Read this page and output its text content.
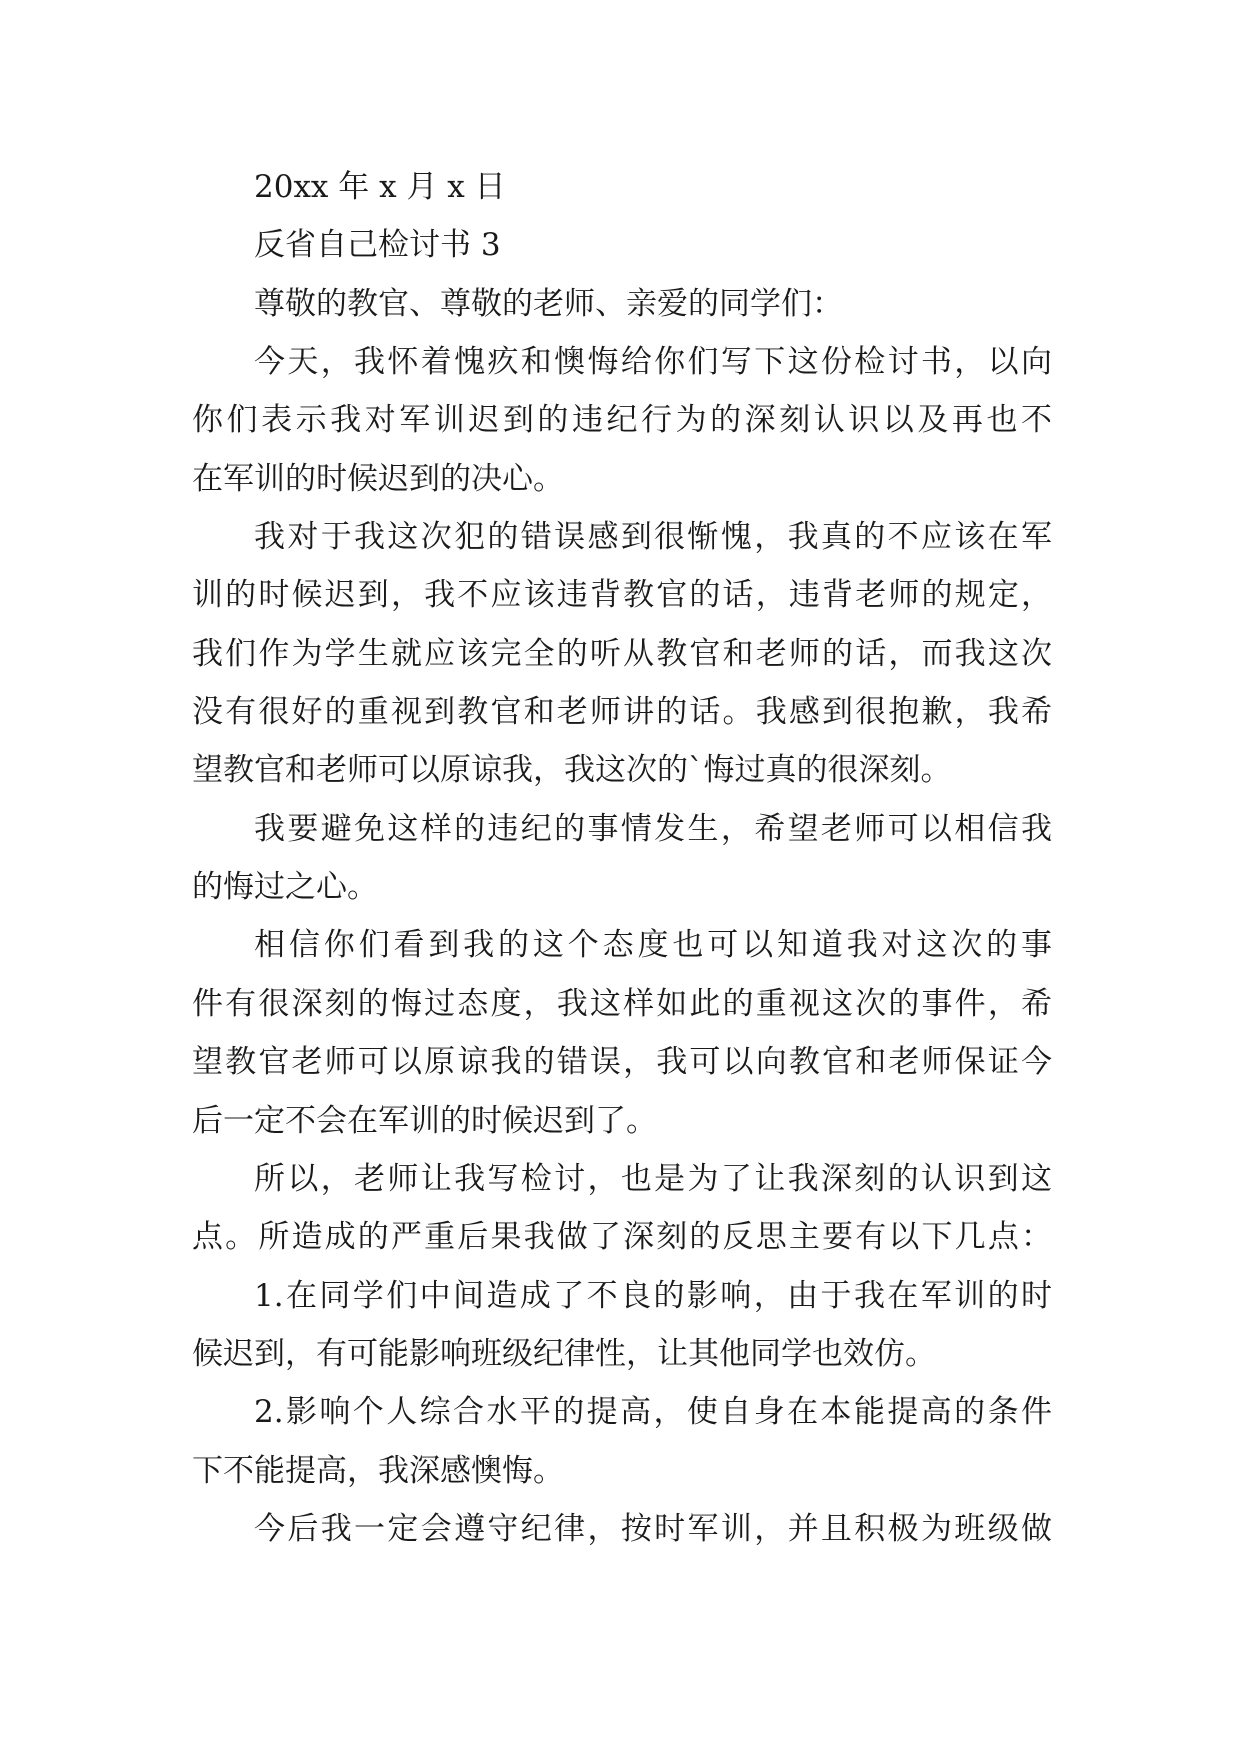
20xx 年 x 月 x 日
反省自己检讨书 3
尊敬的教官、尊敬的老师、亲爱的同学们：
今天，我怀着愧疚和懊悔给你们写下这份检讨书，以向
你们表示我对军训迟到的违纪行为的深刻认识以及再也不
在军训的时候迟到的决心。
我对于我这次犯的错误感到很惭愧，我真的不应该在军
训的时候迟到，我不应该违背教官的话，违背老师的规定，
我们作为学生就应该完全的听从教官和老师的话，而我这次
没有很好的重视到教官和老师讲的话。我感到很抱歉，我希
望教官和老师可以原谅我，我这次的`悔过真的很深刻。
我要避免这样的违纪的事情发生，希望老师可以相信我
的悔过之心。
相信你们看到我的这个态度也可以知道我对这次的事
件有很深刻的悔过态度，我这样如此的重视这次的事件，希
望教官老师可以原谅我的错误，我可以向教官和老师保证今
后一定不会在军训的时候迟到了。
所以，老师让我写检讨，也是为了让我深刻的认识到这
点。所造成的严重后果我做了深刻的反思主要有以下几点：
1.在同学们中间造成了不良的影响，由于我在军训的时
候迟到，有可能影响班级纪律性，让其他同学也效仿。
2.影响个人综合水平的提高，使自身在本能提高的条件
下不能提高，我深感懊悔。
今后我一定会遵守纪律，按时军训，并且积极为班级做
